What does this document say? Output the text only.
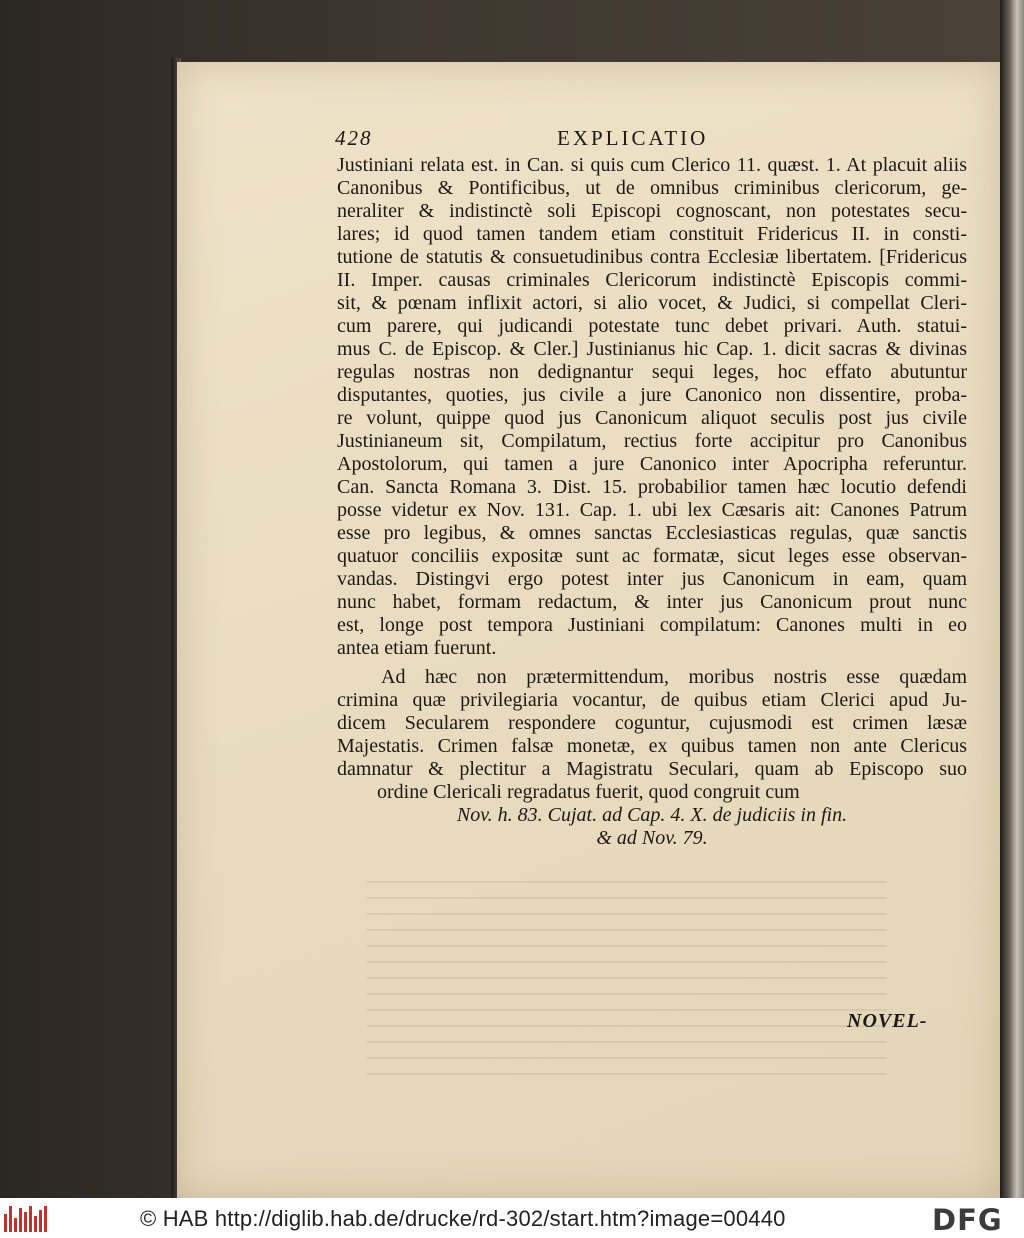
428	EXPLICATIO
Justiniani relata est. in Can. si quis cum Clerico 11. quæst. 1. At placuit aliis
Canonibus & Pontificibus, ut de omnibus criminibus clericorum, ge-
neraliter & indistinctè soli Episcopi cognoscant, non potestates secu-
lares; id quod tamen tandem etiam constituit Fridericus II. in consti-
tutione de statutis & consuetudinibus contra Ecclesiæ libertatem. [Fridericus
II. Imper. causas criminales Clericorum indistinctè Episcopis commi-
sit, & pœnam inflixit actori, si alio vocet, & Judici, si compellat Cleri-
cum parere, qui judicandi potestate tunc debet privari. Auth. statui-
mus C. de Episcop. & Cler.] Justinianus hic Cap. 1. dicit sacras & divinas
regulas nostras non dedignantur sequi leges, hoc effato abutuntur
disputantes, quoties, jus civile a jure Canonico non dissentire, proba-
re volunt, quippe quod jus Canonicum aliquot seculis post jus civile
Justinianeum sit, Compilatum, rectius forte accipitur pro Canonibus
Apostolorum, qui tamen a jure Canonico inter Apocripha referuntur.
Can. Sancta Romana 3. Dist. 15. probabilior tamen hæc locutio defendi
posse videtur ex Nov. 131. Cap. 1. ubi lex Cæsaris ait: Canones Patrum
esse pro legibus, & omnes sanctas Ecclesiasticas regulas, quæ sanctis
quatuor conciliis expositæ sunt ac formatæ, sicut leges esse observan-
vandas. Distingvi ergo potest inter jus Canonicum in eam, quam
nunc habet, formam redactum, & inter jus Canonicum prout nunc
est, longe post tempora Justiniani compilatum: Canones multi in eo
antea etiam fuerunt.
Ad hæc non prætermittendum, moribus nostris esse quædam
crimina quæ privilegiaria vocantur, de quibus etiam Clerici apud Ju-
dicem Secularem respondere coguntur, cujusmodi est crimen læsæ
Majestatis. Crimen falsæ monetæ, ex quibus tamen non ante Clericus
damnatur & plectitur a Magistratu Seculari, quam ab Episcopo suo
ordine Clericali regradatus fuerit, quod congruit cum
Nov. h. 83. Cujat. ad Cap. 4. X. de judiciis in fin.
& ad Nov. 79.
NOVEL-
© HAB http://diglib.hab.de/drucke/rd-302/start.htm?image=00440	DFG
